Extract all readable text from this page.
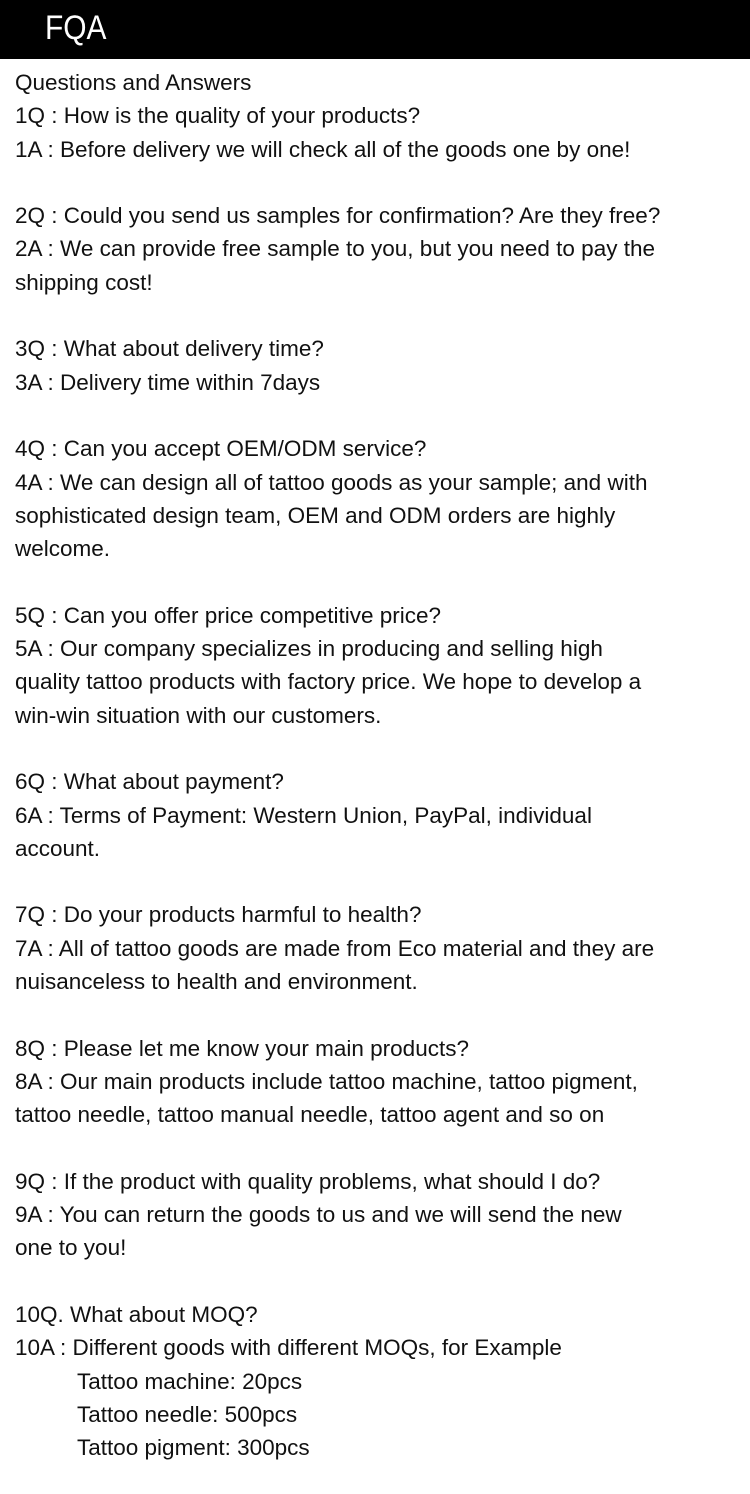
FQA
Questions and Answers
1Q : How is the quality of your products?
1A : Before delivery we will check all of the goods one by one!
2Q : Could you send us samples for confirmation? Are they free?
2A : We can provide free sample to you, but you need to pay the
shipping cost!
3Q : What about delivery time?
3A : Delivery time within 7days
4Q : Can you accept OEM/ODM service?
4A : We can design all of tattoo goods as your sample; and with
sophisticated design team, OEM and ODM orders are highly
welcome.
5Q : Can you offer price competitive price?
5A : Our company specializes in producing and selling high
quality tattoo products with factory price. We hope to develop a
win-win situation with our customers.
6Q : What about payment?
6A : Terms of Payment: Western Union, PayPal, individual
account.
7Q : Do your products harmful to health?
7A : All of tattoo goods are made from Eco material and they are
nuisanceless to health and environment.
8Q : Please let me know your main products?
8A : Our main products include tattoo machine, tattoo pigment,
tattoo needle, tattoo manual needle, tattoo agent and so on
9Q : If the product with quality problems, what should I do?
9A : You can return the goods to us and we will send the new
one to you!
10Q. What about MOQ?
10A : Different goods with different MOQs, for Example
Tattoo machine: 20pcs
Tattoo needle: 500pcs
Tattoo pigment: 300pcs
